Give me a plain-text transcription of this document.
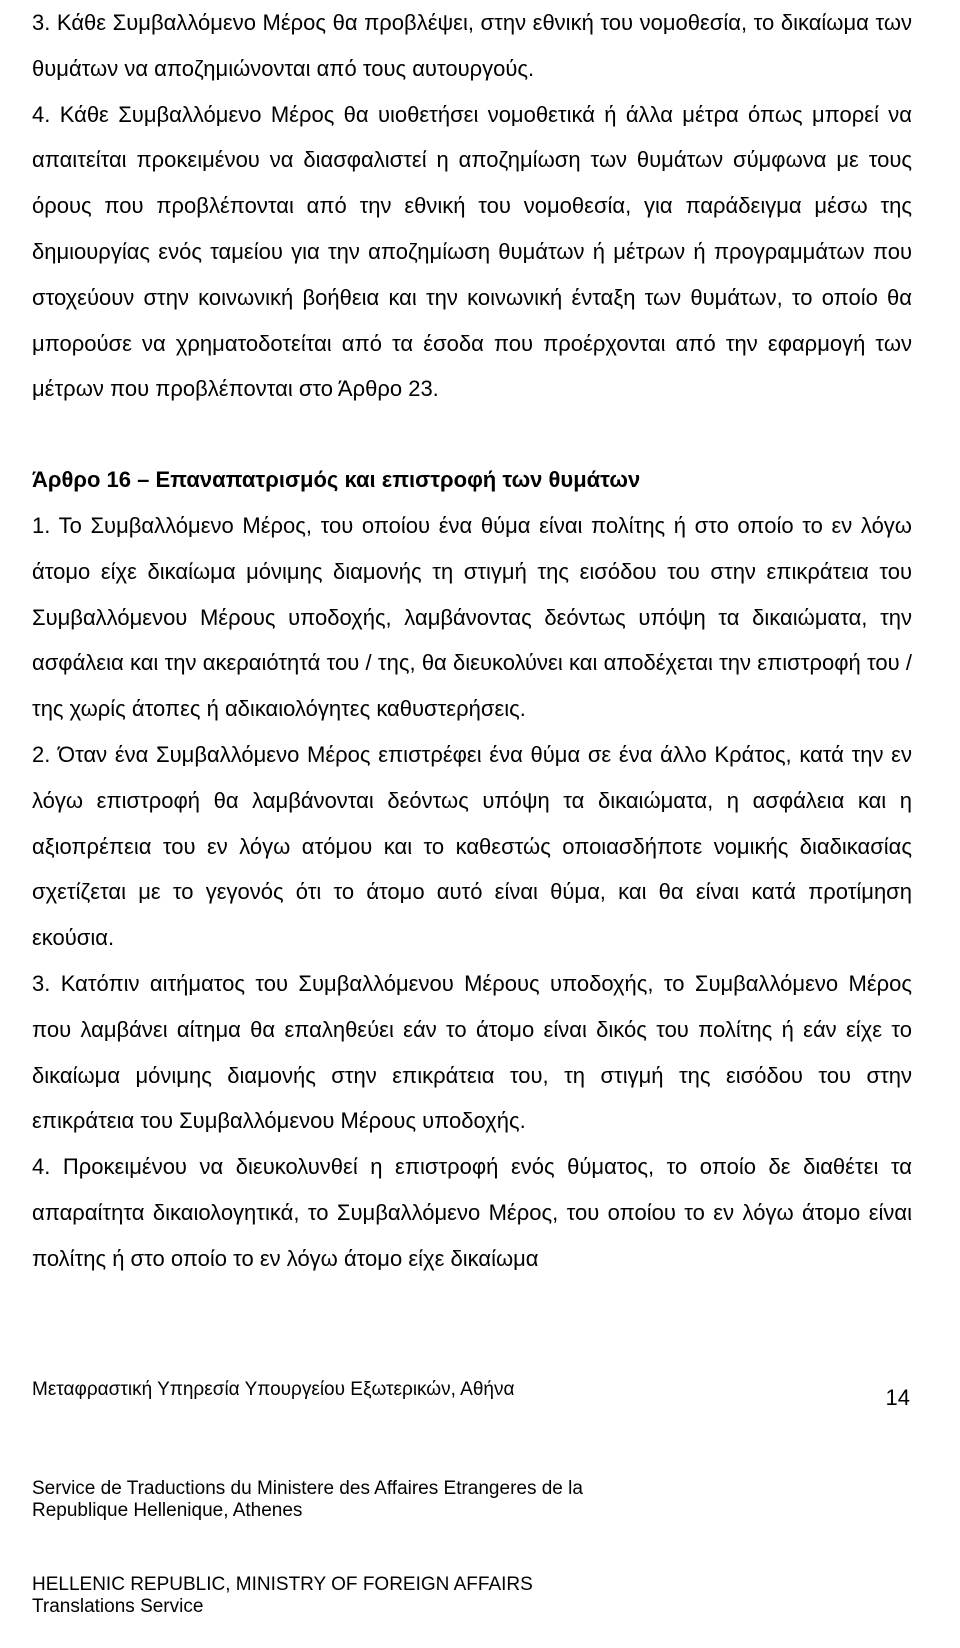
3. Κάθε Συμβαλλόμενο Μέρος θα προβλέψει, στην εθνική του νομοθεσία, το δικαίωμα των θυμάτων να αποζημιώνονται από τους αυτουργούς.

4. Κάθε Συμβαλλόμενο Μέρος θα υιοθετήσει νομοθετικά ή άλλα μέτρα όπως μπορεί να απαιτείται προκειμένου να διασφαλιστεί η αποζημίωση των θυμάτων σύμφωνα με τους όρους που προβλέπονται από την εθνική του νομοθεσία, για παράδειγμα μέσω της δημιουργίας ενός ταμείου για την αποζημίωση θυμάτων ή μέτρων ή προγραμμάτων που στοχεύουν στην κοινωνική βοήθεια και την κοινωνική ένταξη των θυμάτων, το οποίο θα μπορούσε να χρηματοδοτείται από τα έσοδα που προέρχονται από την εφαρμογή των μέτρων που προβλέπονται στο Άρθρο 23.

Άρθρο 16 – Επαναπατρισμός και επιστροφή των θυμάτων

1. Το Συμβαλλόμενο Μέρος, του οποίου ένα θύμα είναι πολίτης ή στο οποίο το εν λόγω άτομο είχε δικαίωμα μόνιμης διαμονής τη στιγμή της εισόδου του στην επικράτεια του Συμβαλλόμενου Μέρους υποδοχής, λαμβάνοντας δεόντως υπόψη τα δικαιώματα, την ασφάλεια και την ακεραιότητά του / της, θα διευκολύνει και αποδέχεται την επιστροφή του / της χωρίς άτοπες ή αδικαιολόγητες καθυστερήσεις.

2. Όταν ένα Συμβαλλόμενο Μέρος επιστρέφει ένα θύμα σε ένα άλλο Κράτος, κατά την εν λόγω επιστροφή θα λαμβάνονται δεόντως υπόψη τα δικαιώματα, η ασφάλεια και η αξιοπρέπεια του εν λόγω ατόμου και το καθεστώς οποιασδήποτε νομικής διαδικασίας σχετίζεται με το γεγονός ότι το άτομο αυτό είναι θύμα, και θα είναι κατά προτίμηση εκούσια.

3. Κατόπιν αιτήματος του Συμβαλλόμενου Μέρους υποδοχής, το Συμβαλλόμενο Μέρος που λαμβάνει αίτημα θα επαληθεύει εάν το άτομο είναι δικός του πολίτης ή εάν είχε το δικαίωμα μόνιμης διαμονής στην επικράτεια του, τη στιγμή της εισόδου του στην επικράτεια του Συμβαλλόμενου Μέρους υποδοχής.

4. Προκειμένου να διευκολυνθεί η επιστροφή ενός θύματος, το οποίο δε διαθέτει τα απαραίτητα δικαιολογητικά, το Συμβαλλόμενο Μέρος, του οποίου το εν λόγω άτομο είναι πολίτης ή στο οποίο το εν λόγω άτομο είχε δικαίωμα

Μεταφραστική Υπηρεσία Υπουργείου Εξωτερικών, Αθήνα	14
Service de Traductions du Ministere des Affaires Etrangeres de la
Republique Hellenique, Athenes
HELLENIC REPUBLIC, MINISTRY OF FOREIGN AFFAIRS
Translations Service
